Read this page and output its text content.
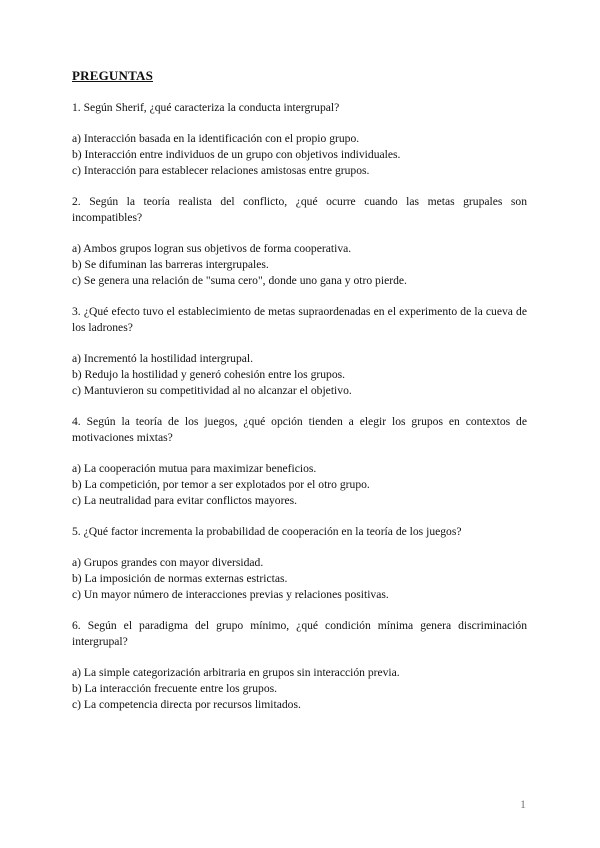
PREGUNTAS

1. Según Sherif, ¿qué caracteriza la conducta intergrupal?

a) Interacción basada en la identificación con el propio grupo.

b) Interacción entre individuos de un grupo con objetivos individuales.

c) Interacción para establecer relaciones amistosas entre grupos.

2. Según la teoría realista del conflicto, ¿qué ocurre cuando las metas grupales son incompatibles?

a) Ambos grupos logran sus objetivos de forma cooperativa.

b) Se difuminan las barreras intergrupales.

c) Se genera una relación de "suma cero", donde uno gana y otro pierde.

3. ¿Qué efecto tuvo el establecimiento de metas supraordenadas en el experimento de la cueva de los ladrones?

a) Incrementó la hostilidad intergrupal.

b) Redujo la hostilidad y generó cohesión entre los grupos.

c) Mantuvieron su competitividad al no alcanzar el objetivo.

4. Según la teoría de los juegos, ¿qué opción tienden a elegir los grupos en contextos de motivaciones mixtas?

a) La cooperación mutua para maximizar beneficios.

b) La competición, por temor a ser explotados por el otro grupo.

c) La neutralidad para evitar conflictos mayores.

5. ¿Qué factor incrementa la probabilidad de cooperación en la teoría de los juegos?

a) Grupos grandes con mayor diversidad.

b) La imposición de normas externas estrictas.

c) Un mayor número de interacciones previas y relaciones positivas.

6. Según el paradigma del grupo mínimo, ¿qué condición mínima genera discriminación intergrupal?

a) La simple categorización arbitraria en grupos sin interacción previa.

b) La interacción frecuente entre los grupos.

c) La competencia directa por recursos limitados.

1
